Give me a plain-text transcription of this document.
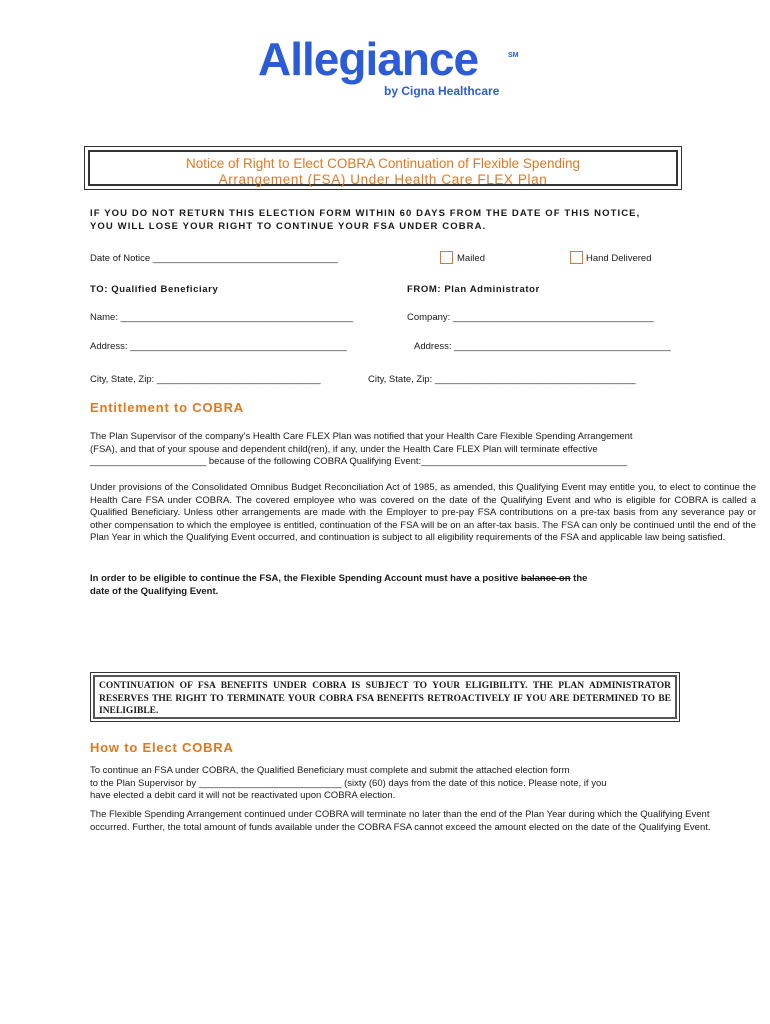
Allegiance	SM
by Cigna Healthcare
Notice of Right to Elect COBRA Continuation of Flexible Spending
Arrangement (FSA) Under Health Care FLEX Plan
IF YOU DO NOT RETURN THIS ELECTION FORM WITHIN 60 DAYS FROM THE DATE OF THIS NOTICE,
YOU WILL LOSE YOUR RIGHT TO CONTINUE YOUR FSA UNDER COBRA.
Date of Notice ___________________________________	Mailed	Hand Delivered
TO: Qualified Beneficiary	FROM: Plan Administrator
Name: ____________________________________________	Company: ______________________________________
Address: _________________________________________	Address: _________________________________________
City, State, Zip: _______________________________	City, State, Zip: ______________________________________
Entitlement to COBRA
The Plan Supervisor of the company's Health Care FLEX Plan was notified that your Health Care Flexible Spending Arrangement
(FSA), and that of your spouse and dependent child(ren), if any, under the Health Care FLEX Plan will terminate effective
______________________ because of the following COBRA Qualifying Event:_______________________________________
Under provisions of the Consolidated Omnibus Budget Reconciliation Act of 1985, as amended, this Qualifying Event may entitle you, to elect to continue the Health Care FSA under COBRA. The covered employee who was covered on the date of the Qualifying Event and who is eligible for COBRA is called a Qualified Beneficiary. Unless other arrangements are made with the Employer to pre-pay FSA contributions on a pre-tax basis from any severance pay or other compensation to which the employee is entitled, continuation of the FSA will be on an after-tax basis. The FSA can only be continued until the end of the Plan Year in which the Qualifying Event occurred, and continuation is subject to all eligibility requirements of the FSA and applicable law being satisfied.
In order to be eligible to continue the FSA, the Flexible Spending Account must have a positive balance on the
date of the Qualifying Event.
CONTINUATION OF FSA BENEFITS UNDER COBRA IS SUBJECT TO YOUR ELIGIBILITY. THE PLAN ADMINISTRATOR RESERVES THE RIGHT TO TERMINATE YOUR COBRA FSA BENEFITS RETROACTIVELY IF YOU ARE DETERMINED TO BE INELIGIBLE.
How to Elect COBRA
To continue an FSA under COBRA, the Qualified Beneficiary must complete and submit the attached election form
to the Plan Supervisor by ___________________________ (sixty (60) days from the date of this notice. Please note, if you
have elected a debit card it will not be reactivated upon COBRA election.
The Flexible Spending Arrangement continued under COBRA will terminate no later than the end of the Plan Year during which the Qualifying Event occurred. Further, the total amount of funds available under the COBRA FSA cannot exceed the amount elected on the date of the Qualifying Event.
